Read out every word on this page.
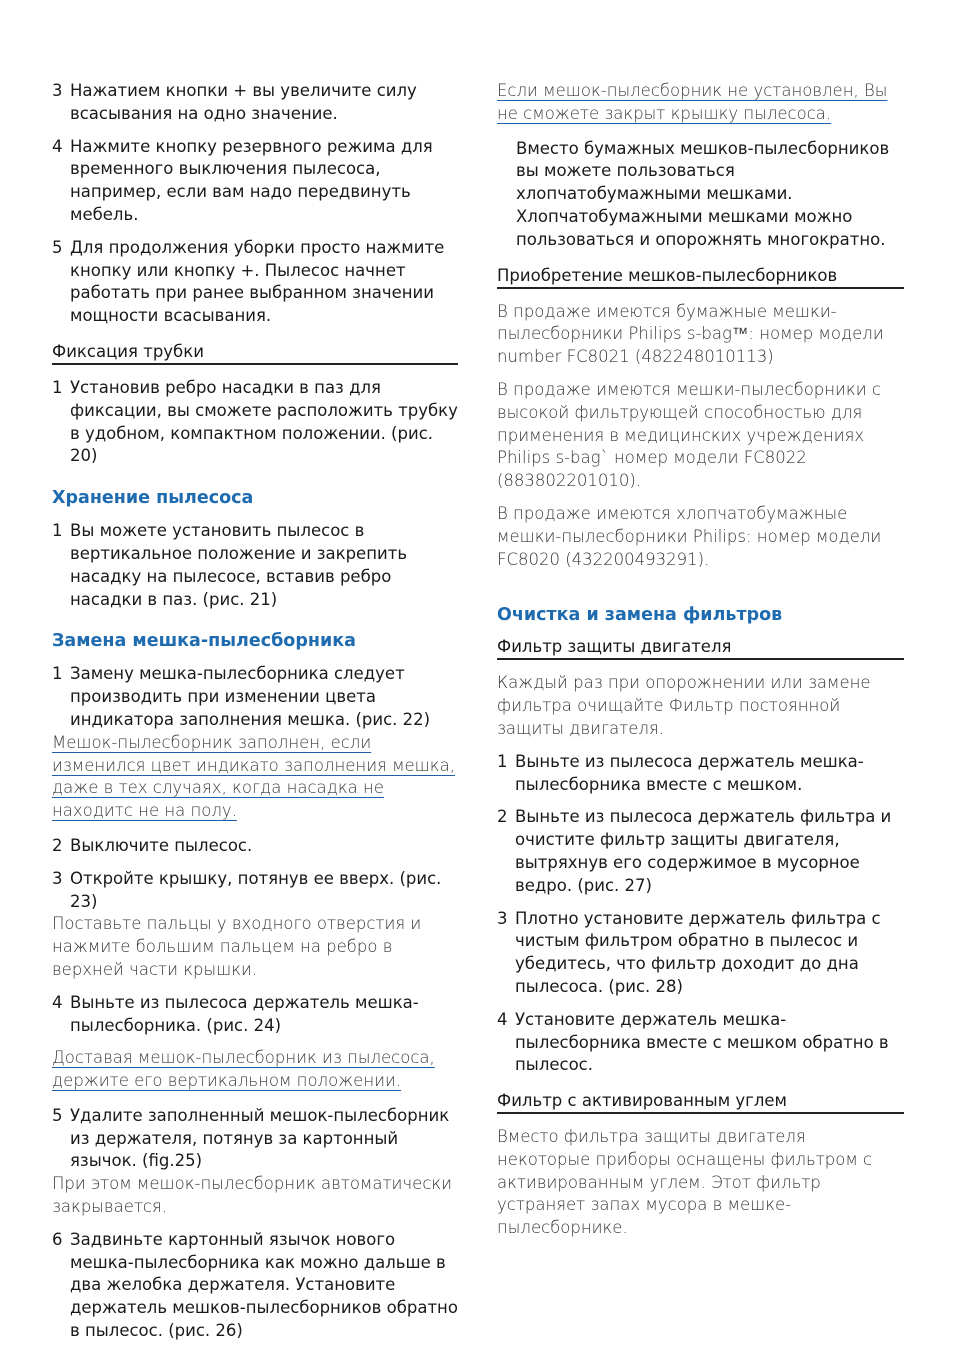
3 Нажатием кнопки + вы увеличите силу всасывания на одно значение.
4 Нажмите кнопку резервного режима для временного выключения пылесоса, например, если вам надо передвинуть мебель.
5 Для продолжения уборки просто нажмите кнопку или кнопку +. Пылесос начнет работать при ранее выбранном значении мощности всасывания.
Фиксация трубки
1 Установив ребро насадки в паз для фиксации, вы сможете расположить трубку в удобном, компактном положении. (рис. 20)
Хранение пылесоса
1 Вы можете установить пылесос в вертикальное положение и закрепить насадку на пылесосе, вставив ребро насадки в паз. (рис. 21)
Замена мешка-пылесборника
1 Замену мешка-пылесборника следует производить при изменении цвета индикатора заполнения мешка. (рис. 22)
Мешок-пылесборник заполнен, если изменился цвет индикато заполнения мешка, даже в тех случаях, когда насадка не находитс не на полу.
2 Выключите пылесос.
3 Откройте крышку, потянув ее вверх. (рис. 23)
Поставьте пальцы у входного отверстия и нажмите большим пальцем на ребро в верхней части крышки.
4 Выньте из пылесоса держатель мешка-пылесборника. (рис. 24)
Доставая мешок-пылесборник из пылесоса, держите его вертикальном положении.
5 Удалите заполненный мешок-пылесборник из держателя, потянув за картонный язычок. (fig.25)
При этом мешок-пылесборник автоматически закрывается.
6 Задвиньте картонный язычок нового мешка-пылесборника как можно дальше в два желобка держателя. Установите держатель мешков-пылесборников обратно в пылесос. (рис. 26)
Если мешок-пылесборник не установлен, Вы не сможете закрыт крышку пылесоса.
Вместо бумажных мешков-пылесборников вы можете пользоваться хлопчатобумажными мешками. Хлопчатобумажными мешками можно пользоваться и опорожнять многократно.
Приобретение мешков-пылесборников
В продаже имеются бумажные мешки-пылесборники Philips s-bag™: номер модели number FC8021 (482248010113)
В продаже имеются мешки-пылесборники с высокой фильтрующей способностью для применения в медицинских учреждениях Philips s-bag` номер модели FC8022 (883802201010).
В продаже имеются хлопчатобумажные мешки-пылесборники Philips: номер модели FC8020 (432200493291).
Очистка и замена фильтров
Фильтр защиты двигателя
Каждый раз при опорожнении или замене фильтра очищайте Фильтр постоянной защиты двигателя.
1 Выньте из пылесоса держатель мешка-пылесборника вместе с мешком.
2 Выньте из пылесоса держатель фильтра и очистите фильтр защиты двигателя, вытряхнув его содержимое в мусорное ведро. (рис. 27)
3 Плотно установите держатель фильтра с чистым фильтром обратно в пылесос и убедитесь, что фильтр доходит до дна пылесоса. (рис. 28)
4 Установите держатель мешка-пылесборника вместе с мешком обратно в пылесос.
Фильтр с активированным углем
Вместо фильтра защиты двигателя некоторые приборы оснащены фильтром с активированным углем. Этот фильтр устраняет запах мусора в мешке-пылесборнике.
